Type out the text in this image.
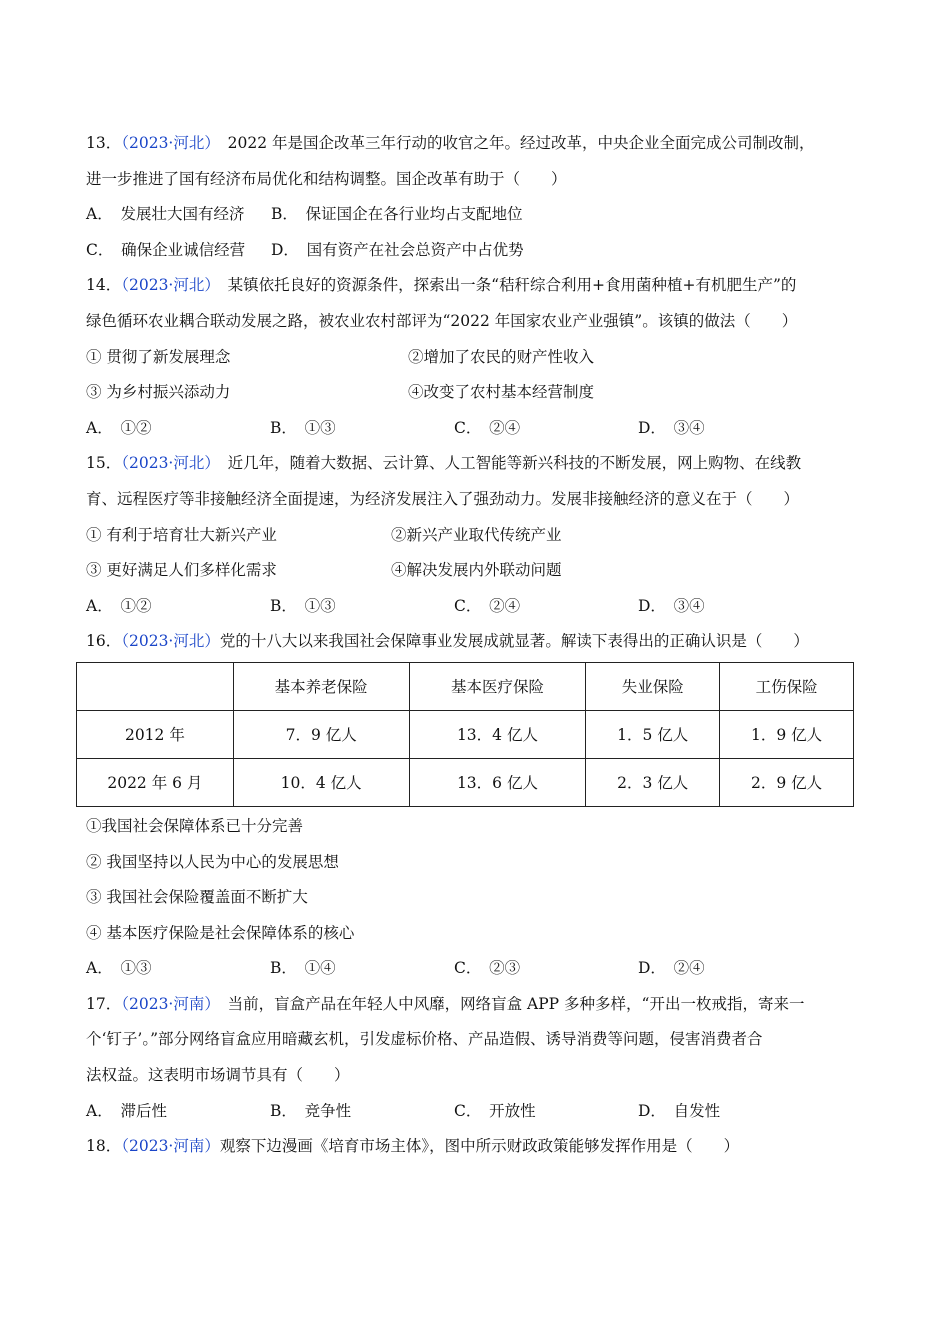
13．（2023·河北）  2022 年是国企改革三年行动的收官之年。经过改革，中央企业全面完成公司制改制，
进一步推进了国有经济布局优化和结构调整。国企改革有助于（　　）
A．　发展壮大国有经济	B．　保证国企在各行业均占支配地位
C．　确保企业诚信经营	D．　国有资产在社会总资产中占优势
14．（2023·河北）  某镇依托良好的资源条件，探索出一条“秸秆综合利用+食用菌种植+有机肥生产”的
绿色循环农业耦合联动发展之路，被农业农村部评为“2022 年国家农业产业强镇”。该镇的做法（　　）
① 贯彻了新发展理念	②增加了农民的财产性收入
③ 为乡村振兴添动力	④改变了农村基本经营制度
A．　①②	B．　①③	C．　②④	D．　③④
15．（2023·河北）  近几年，随着大数据、云计算、人工智能等新兴科技的不断发展，网上购物、在线教
育、远程医疗等非接触经济全面提速，为经济发展注入了强劲动力。发展非接触经济的意义在于（　　）
① 有利于培育壮大新兴产业	②新兴产业取代传统产业
③ 更好满足人们多样化需求	④解决发展内外联动问题
A．　①②	B．　①③	C．　②④	D．　③④
16．（2023·河北）党的十八大以来我国社会保障事业发展成就显著。解读下表得出的正确认识是（　　）
	基本养老保险	基本医疗保险	失业保险	工伤保险
2012 年	7．9 亿人	13．4 亿人	1．5 亿人	1．9 亿人
2022 年 6 月	10．4 亿人	13．6 亿人	2．3 亿人	2．9 亿人
①我国社会保障体系已十分完善
② 我国坚持以人民为中心的发展思想
③ 我国社会保险覆盖面不断扩大
④ 基本医疗保险是社会保障体系的核心
A．　①③	B．　①④	C．　②③	D．　②④
17．（2023·河南）  当前，盲盒产品在年轻人中风靡，网络盲盒 APP 多种多样，“开出一枚戒指，寄来一
个‘钉子’。”部分网络盲盒应用暗藏玄机，引发虚标价格、产品造假、诱导消费等问题，侵害消费者合
法权益。这表明市场调节具有（　　）
A．　滞后性	B．　竞争性	C．　开放性	D．　自发性
18．（2023·河南）观察下边漫画《培育市场主体》，图中所示财政政策能够发挥作用是（　　）
